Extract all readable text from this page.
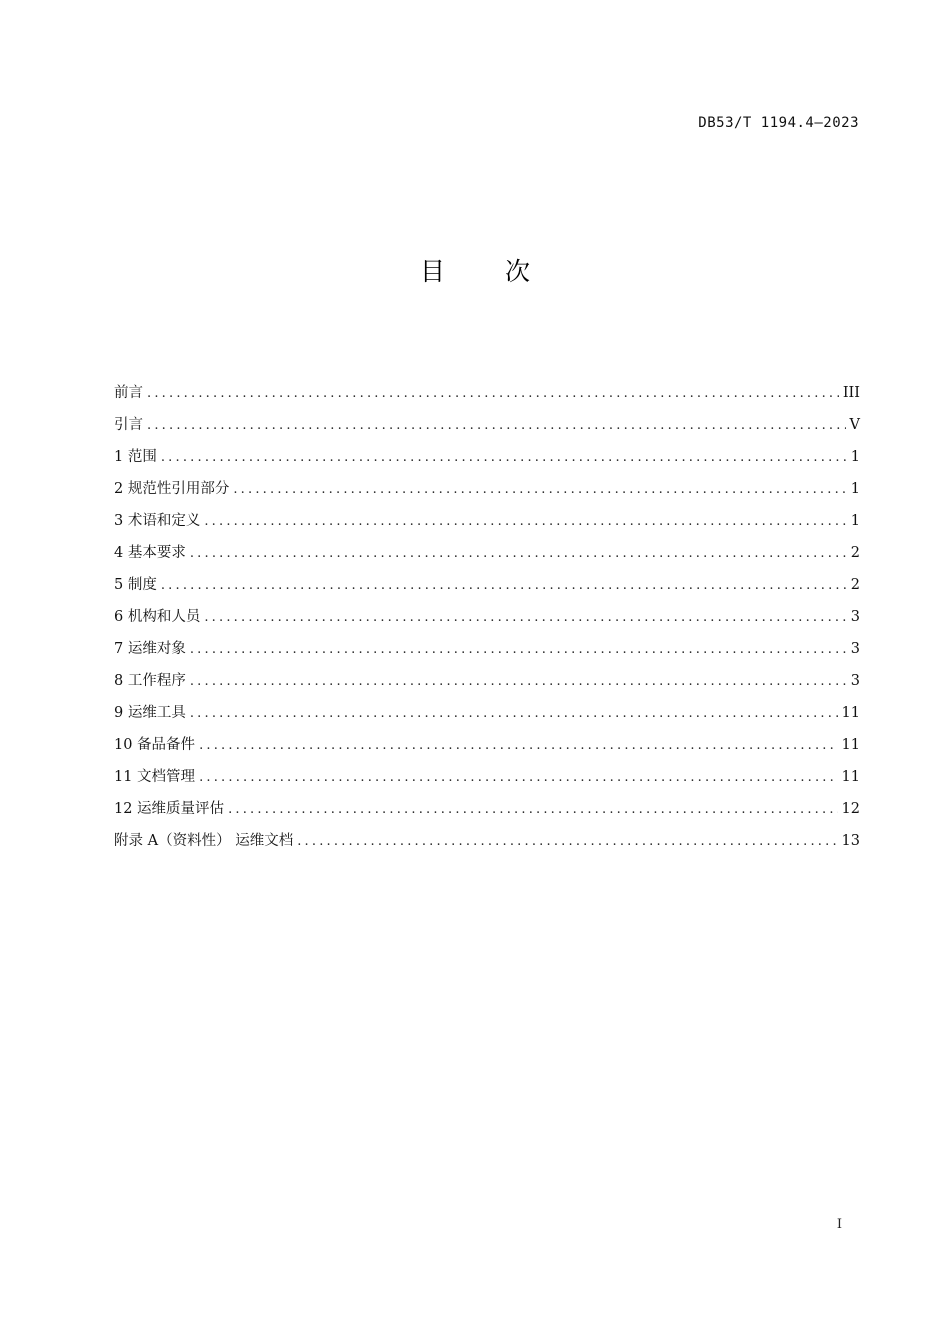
DB53/T 1194.4—2023
目 次
前言 .....	III
引言 .....	V
1 范围 .....	1
2 规范性引用部分 .....	1
3 术语和定义 .....	1
4 基本要求 .....	2
5 制度 .....	2
6 机构和人员 .....	3
7 运维对象 .....	3
8 工作程序 .....	3
9 运维工具 .....	11
10 备品备件 .....	11
11 文档管理 .....	11
12 运维质量评估 .....	12
附录 A（资料性） 运维文档 .....	13
I
